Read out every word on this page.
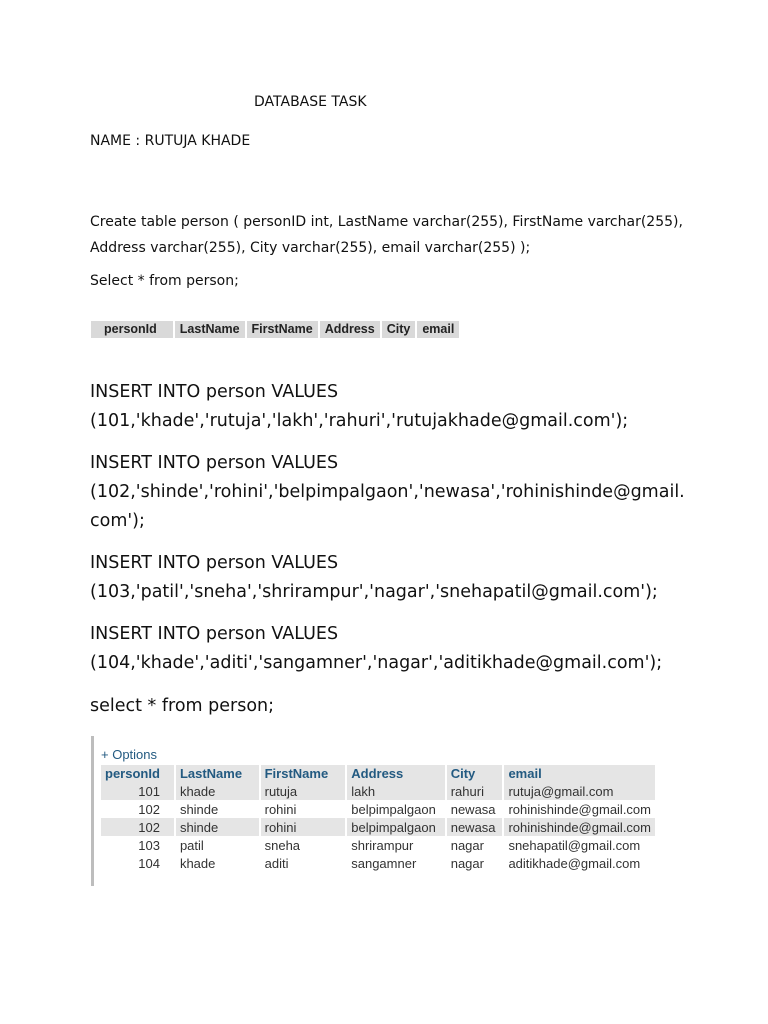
DATABASE TASK
NAME : RUTUJA KHADE
Create table person ( personID int, LastName varchar(255), FirstName varchar(255), Address varchar(255), City varchar(255), email varchar(255) );
Select * from person;
personId	LastName	FirstName	Address	City	email
INSERT INTO person VALUES
(101,'khade','rutuja','lakh','rahuri','rutujakhade@gmail.com');
INSERT INTO person VALUES
(102,'shinde','rohini','belpimpalgaon','newasa','rohinishinde@gmail.com');
INSERT INTO person VALUES
(103,'patil','sneha','shrirampur','nagar','snehapatil@gmail.com');
INSERT INTO person VALUES
(104,'khade','aditi','sangamner','nagar','aditikhade@gmail.com');
select * from person;
+ Options
personId	LastName	FirstName	Address	City	email
101	khade	rutuja	lakh	rahuri	rutuja@gmail.com
102	shinde	rohini	belpimpalgaon	newasa	rohinishinde@gmail.com
102	shinde	rohini	belpimpalgaon	newasa	rohinishinde@gmail.com
103	patil	sneha	shrirampur	nagar	snehapatil@gmail.com
104	khade	aditi	sangamner	nagar	aditikhade@gmail.com
